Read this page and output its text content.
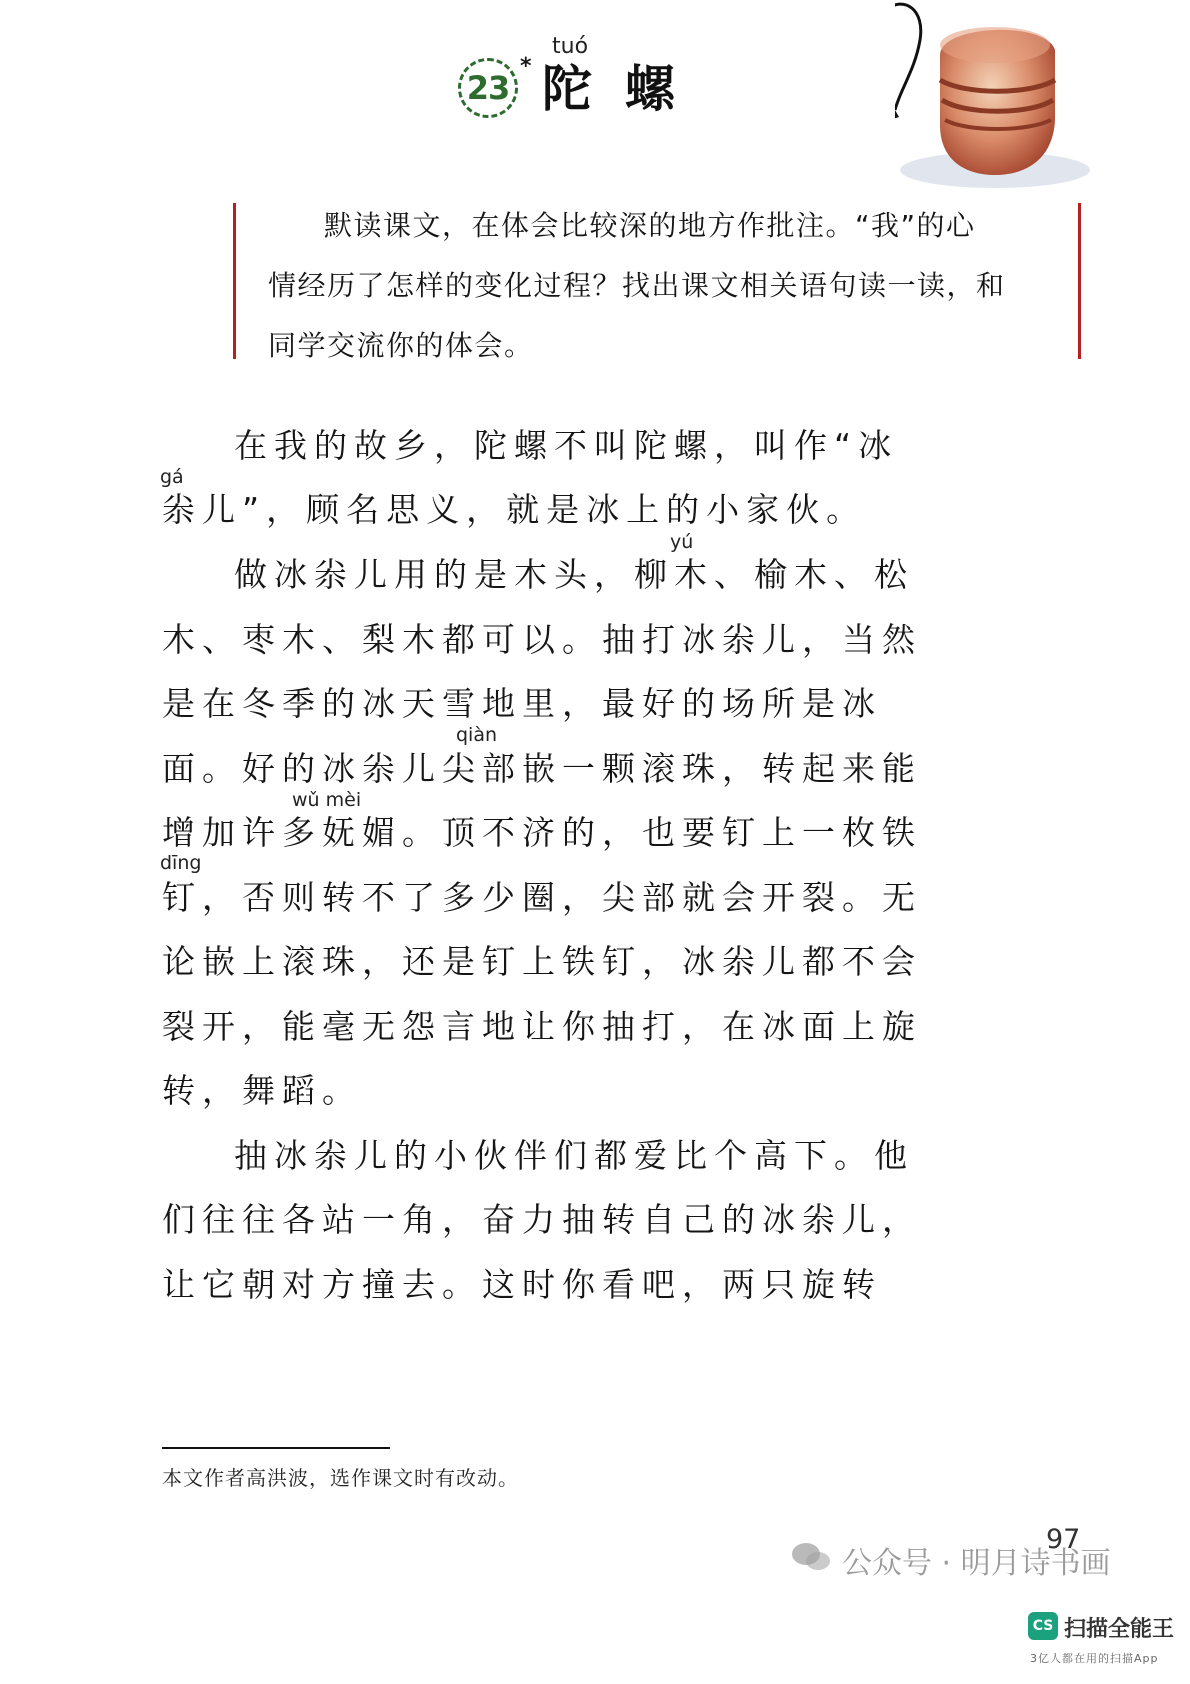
23
*
tuó
陀 螺
默读课文，在体会比较深的地方作批注。“我”的心
情经历了怎样的变化过程？找出课文相关语句读一读，和
同学交流你的体会。
在我的故乡，陀螺不叫陀螺，叫作“冰
gá
尜儿”，顾名思义，就是冰上的小家伙。
yú
做冰尜儿用的是木头，柳木、榆木、松
木、枣木、梨木都可以。抽打冰尜儿，当然
是在冬季的冰天雪地里，最好的场所是冰
qiàn
面。好的冰尜儿尖部嵌一颗滚珠，转起来能
wǔ mèi
增加许多妩媚。顶不济的，也要钉上一枚铁
dīng
钉，否则转不了多少圈，尖部就会开裂。无
论嵌上滚珠，还是钉上铁钉，冰尜儿都不会
裂开，能毫无怨言地让你抽打，在冰面上旋
转，舞蹈。
抽冰尜儿的小伙伴们都爱比个高下。他
们往往各站一角，奋力抽转自己的冰尜儿，
让它朝对方撞去。这时你看吧，两只旋转
本文作者高洪波，选作课文时有改动。
97
公众号 · 明月诗书画
CS 扫描全能王
3亿人都在用的扫描App
